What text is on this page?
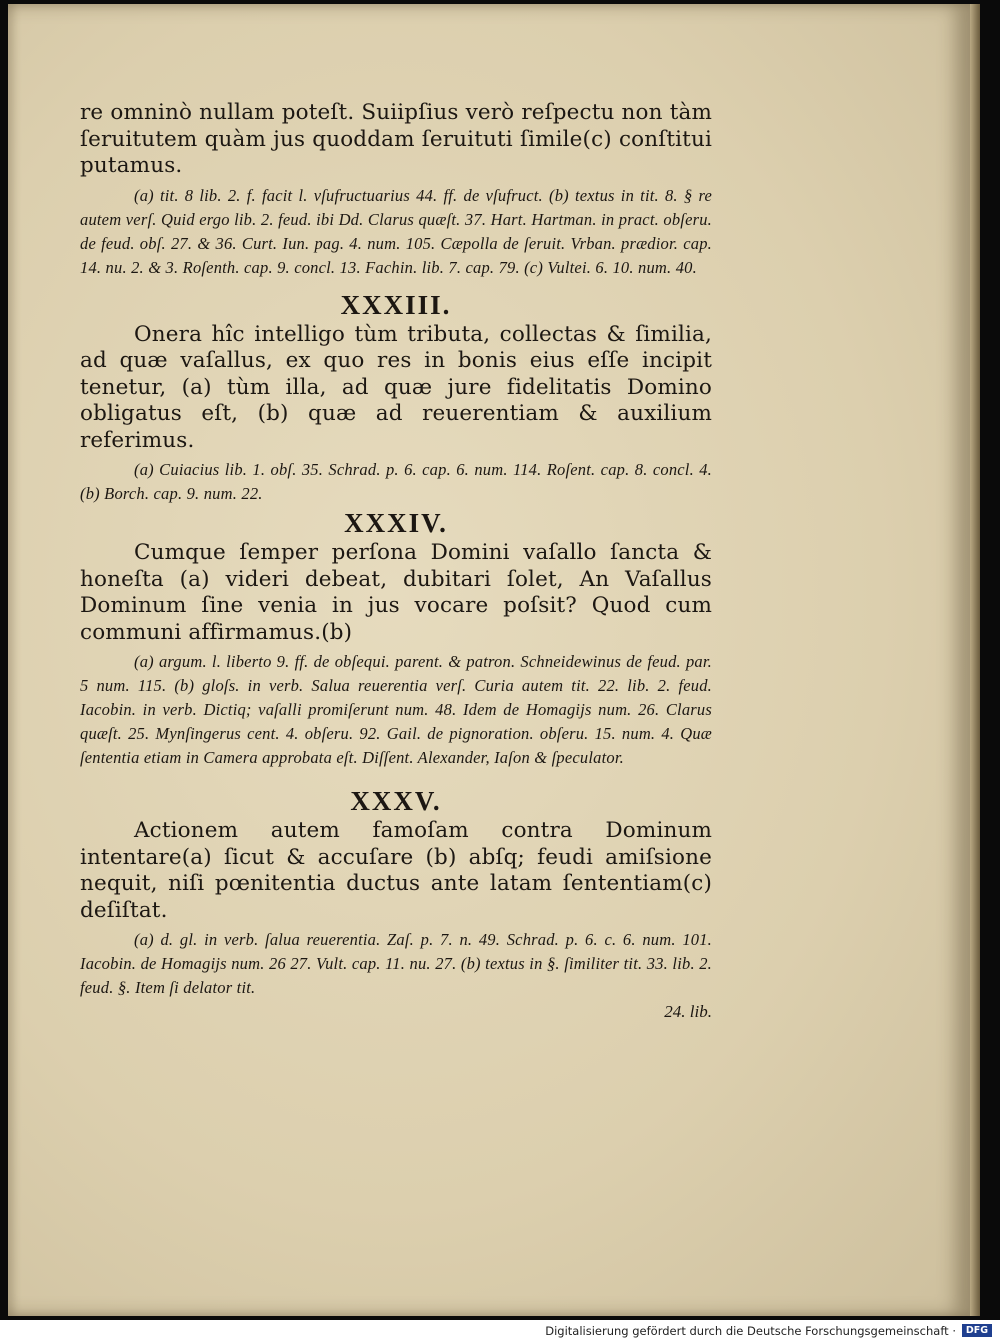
re omninò nullam poteſt. Suiipſius verò reſpectu non tàm ſeruitutem quàm jus quoddam ſeruituti ſimile(c) conſtitui putamus.

(a) tit. 8 lib. 2. f. facit l. vſufructuarius 44. ff. de vſufruct. (b) textus in tit. 8. § re autem verſ. Quid ergo lib. 2. feud. ibi Dd. Clarus quæſt. 37. Hart. Hartman. in pract. obſeru. de feud. obſ. 27. & 36. Curt. Iun. pag. 4. num. 105. Cæpolla de ſeruit. Vrban. prædior. cap. 14. nu. 2. & 3. Roſenth. cap. 9. concl. 13. Fachin. lib. 7. cap. 79. (c) Vultei. 6. 10. num. 40.

XXXIII.

Onera hîc intelligo tùm tributa, collectas & ſimilia, ad quæ vaſallus, ex quo res in bonis eius eſſe incipit tenetur, (a) tùm illa, ad quæ jure fidelitatis Domino obligatus eſt, (b) quæ ad reuerentiam & auxilium referimus.

(a) Cuiacius lib. 1. obſ. 35. Schrad. p. 6. cap. 6. num. 114. Roſent. cap. 8. concl. 4. (b) Borch. cap. 9. num. 22.

XXXIV.

Cumque ſemper perſona Domini vaſallo ſancta & honeſta (a) videri debeat, dubitari ſolet, An Vaſallus Dominum ſine venia in jus vocare poſsit? Quod cum communi affirmamus.(b)

(a) argum. l. liberto 9. ff. de obſequi. parent. & patron. Schneidewinus de feud. par. 5 num. 115. (b) gloſs. in verb. Salua reuerentia verſ. Curia autem tit. 22. lib. 2. feud. Iacobin. in verb. Dictiq; vaſalli promiſerunt num. 48. Idem de Homagijs num. 26. Clarus quæſt. 25. Mynſingerus cent. 4. obſeru. 92. Gail. de pignoration. obſeru. 15. num. 4. Quæ ſententia etiam in Camera approbata eſt. Diſſent. Alexander, Iaſon & ſpeculator.

XXXV.

Actionem autem famoſam contra Dominum intentare(a) ſicut & accuſare (b) abſq; feudi amiſsione nequit, niſi pœnitentia ductus ante latam ſententiam(c) deſiſtat.

(a) d. gl. in verb. ſalua reuerentia. Zaſ. p. 7. n. 49. Schrad. p. 6. c. 6. num. 101. Iacobin. de Homagijs num. 26 27. Vult. cap. 11. nu. 27. (b) textus in §. ſimiliter tit. 33. lib. 2. feud. §. Item ſi delator tit.

24. lib.

Digitalisierung gefördert durch die Deutsche Forschungsgemeinschaft ·	DFG
